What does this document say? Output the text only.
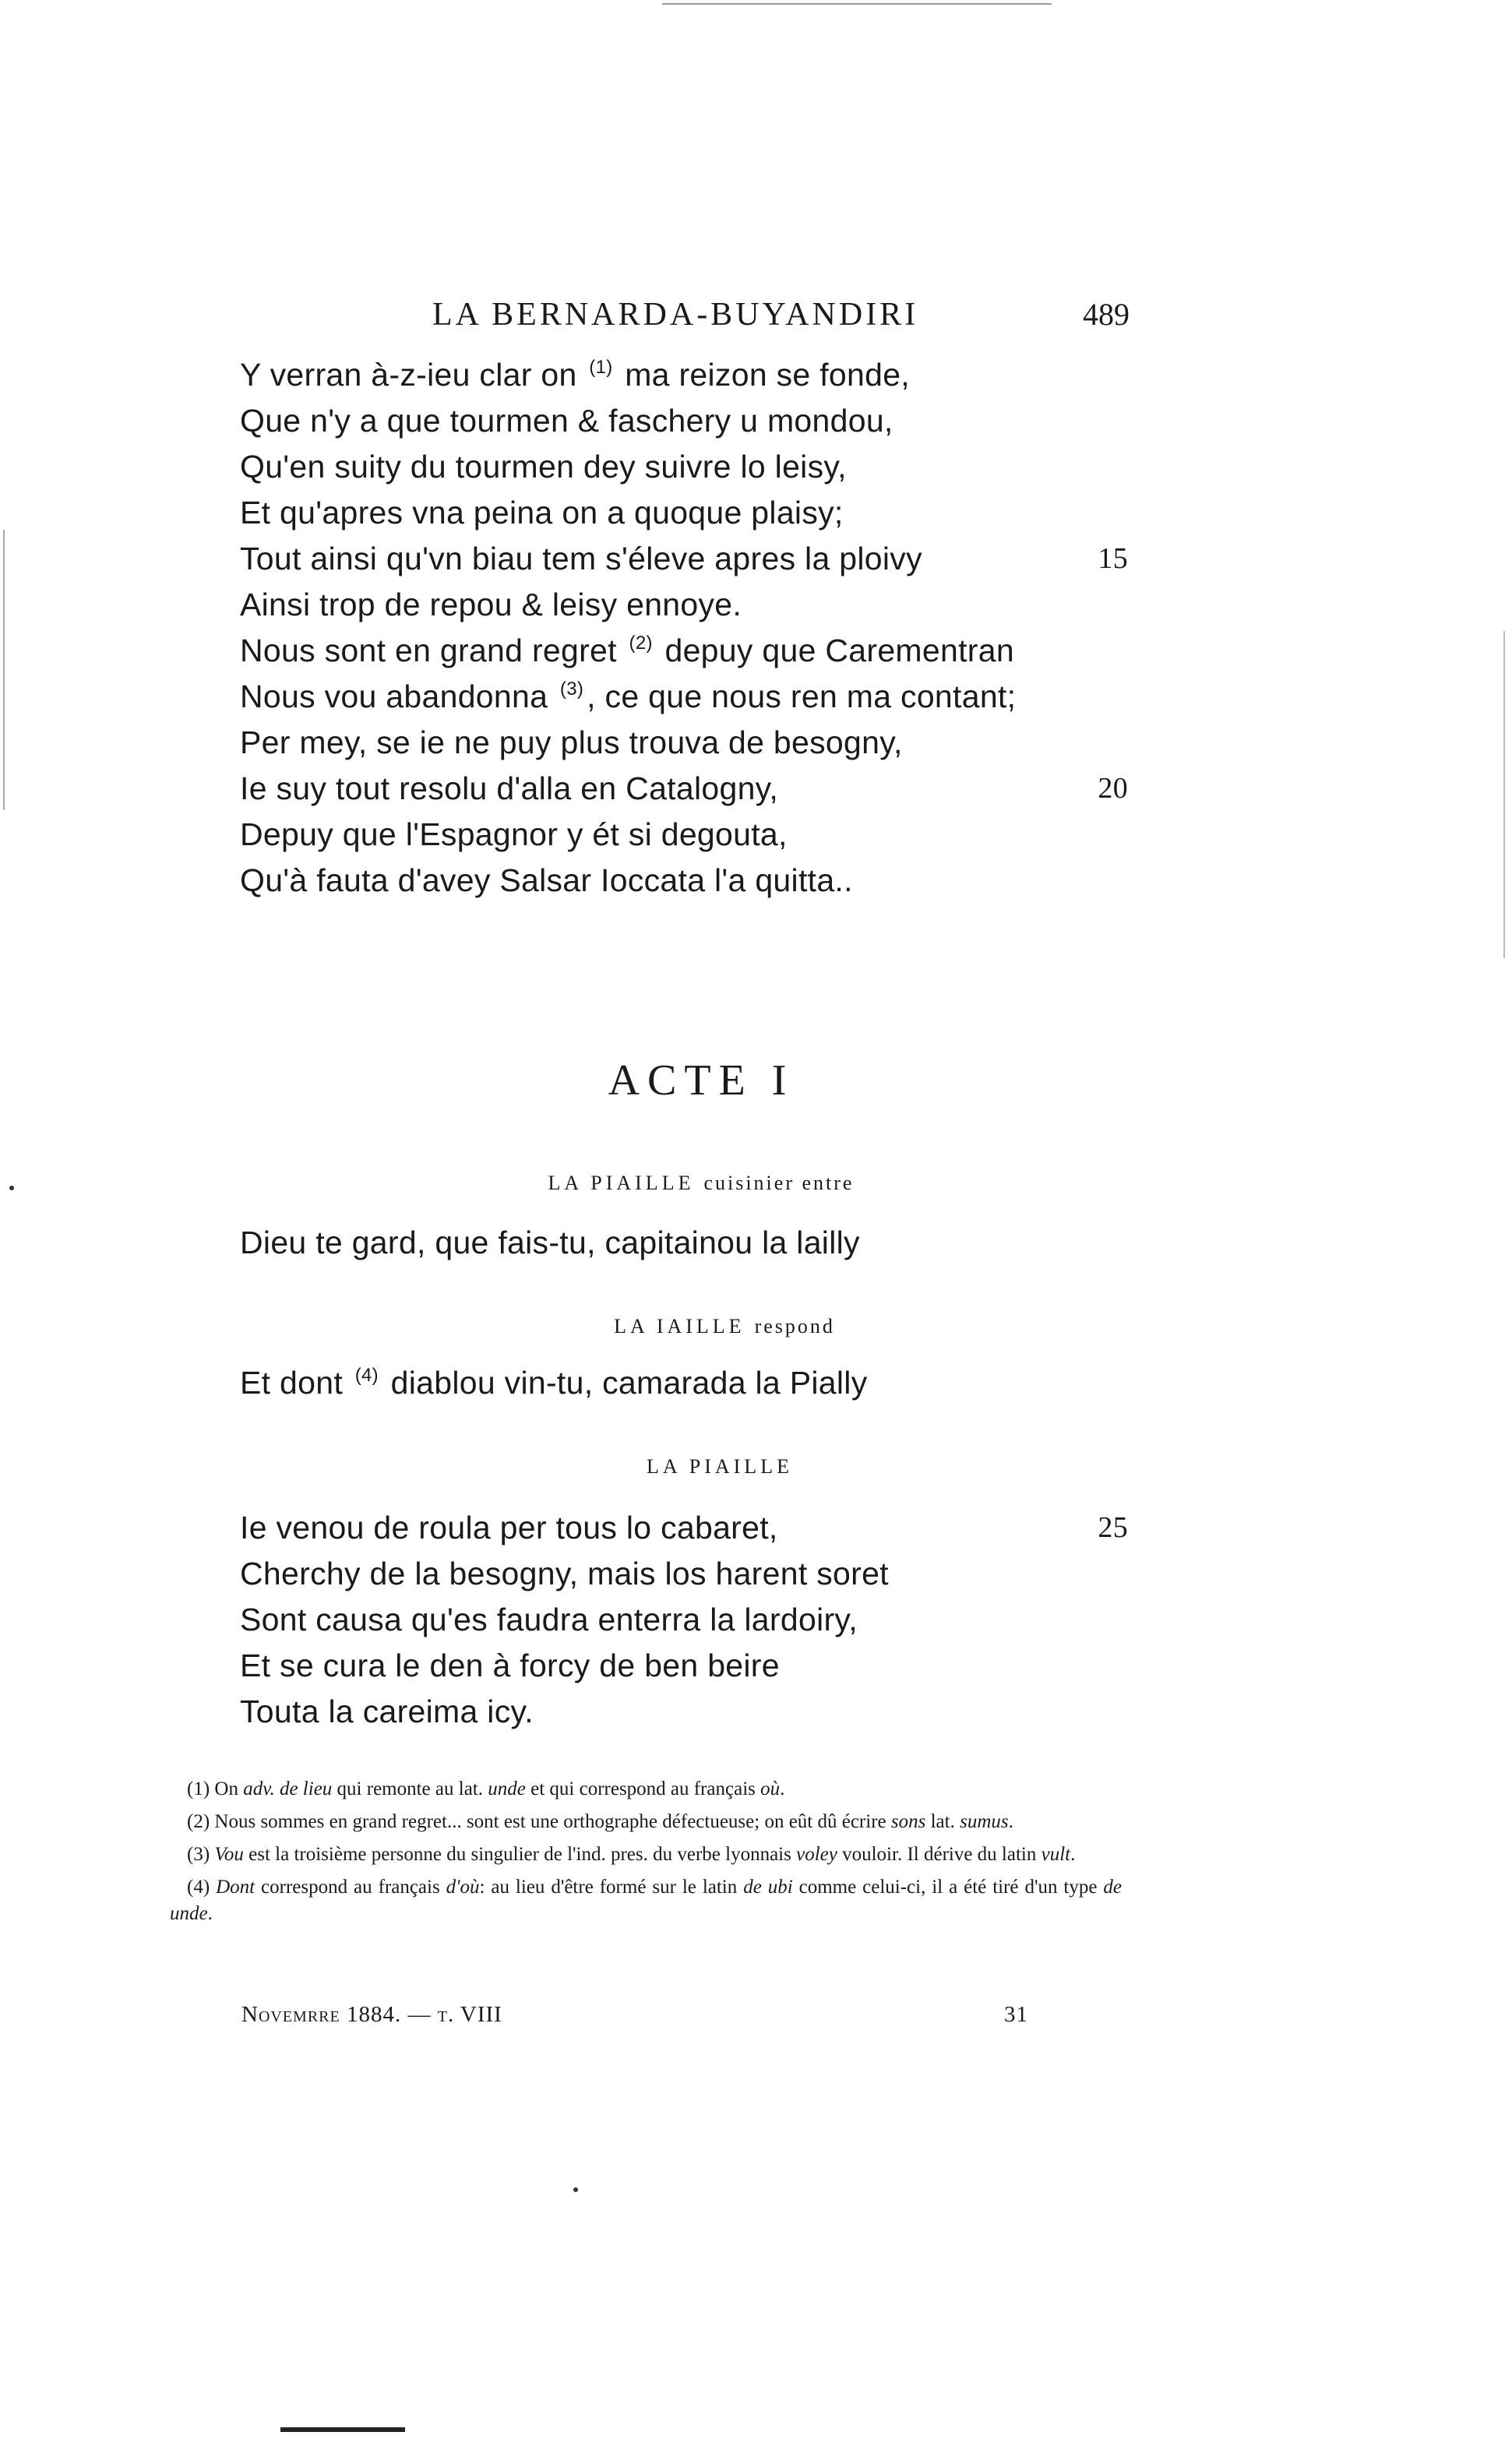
LA BERNARDA-BUYANDIRI	489
Y verran à-z-ieu clar on $^{(1)}$ ma reizon se fonde,
Que n'y a que tourmen & faschery u mondou,
Qu'en suity du tourmen dey suivre lo leisy,
Et qu'apres vna peina on a quoque plaisy;
Tout ainsi qu'vn biau tem s'éleve apres la ploivy	15
Ainsi trop de repou & leisy ennoye.
Nous sont en grand regret $^{(2)}$ depuy que Carementran
Nous vou abandonna $^{(3)}$, ce que nous ren ma contant;
Per mey, se ie ne puy plus trouva de besogny,
Ie suy tout resolu d'alla en Catalogny,	20
Depuy que l'Espagnor y ét si degouta,
Qu'à fauta d'avey Salsar Ioccata l'a quitta..
ACTE I
LA PIAILLE cuisinier entre
Dieu te gard, que fais-tu, capitainou la lailly
LA IAILLE respond
Et dont $^{(4)}$ diablou vin-tu, camarada la Pially
LA PIAILLE
Ie venou de roula per tous lo cabaret,	25
Cherchy de la besogny, mais los harent soret
Sont causa qu'es faudra enterra la lardoiry,
Et se cura le den à forcy de ben beire
Touta la careima icy.

(1) On adv. de lieu qui remonte au lat. unde et qui correspond au français où.

(2) Nous sommes en grand regret... sont est une orthographe défectueuse; on eût dû écrire sons lat. sumus.

(3) Vou est la troisième personne du singulier de l'ind. pres. du verbe lyonnais voley vouloir. Il dérive du latin vult.

(4) Dont correspond au français d'où: au lieu d'être formé sur le latin de ubi comme celui-ci, il a été tiré d'un type de unde.

Novemrre 1884. — t. VIII	31
